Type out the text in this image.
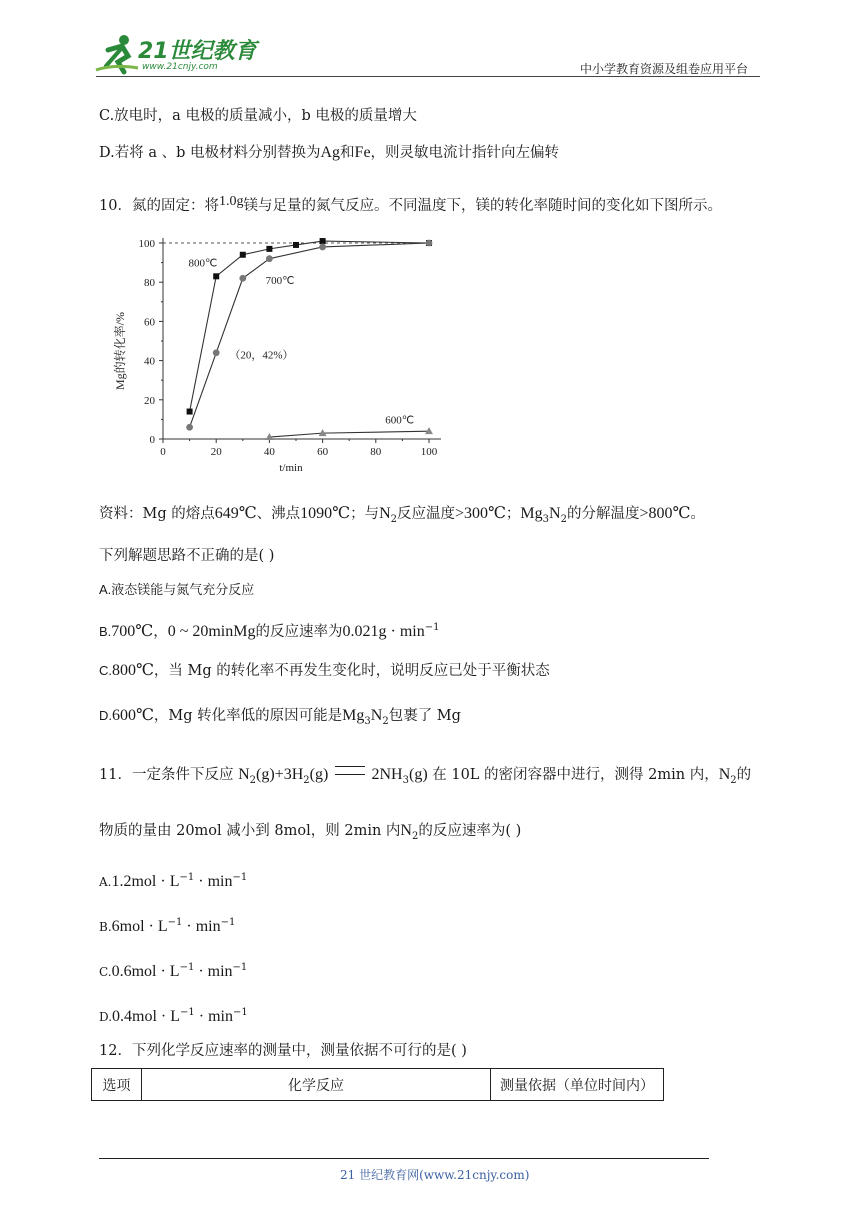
21世纪教育
www.21cnjy.com	中小学教育资源及组卷应用平台
C.放电时，a 电极的质量减小，b 电极的质量增大
D.若将 a 、b 电极材料分别替换为Ag和Fe，则灵敏电流计指针向左偏转
10．氮的固定：将1.0g镁与足量的氮气反应。不同温度下，镁的转化率随时间的变化如下图所示。
0	20	40	60	80	100
0
20
40
60
80
100
t/min
Mg的转化率/%
800℃
700℃
600℃
（20，42%）
资料：Mg 的熔点649℃、沸点1090℃；与$N_2$反应温度>300℃；$Mg_3N_2$的分解温度>800℃。
下列解题思路不正确的是( )
A.液态镁能与氮气充分反应
B.700℃，0 ~ 20minMg的反应速率为$0.021g \cdot \min^{-1}$
C.800℃，当 Mg 的转化率不再发生变化时，说明反应已处于平衡状态
D.600℃，Mg 转化率低的原因可能是$Mg_3N_2$包裹了 Mg
11．一定条件下反应 $N_2(g)+3H_2(g)$	$2NH_3(g)$ 在 10L 的密闭容器中进行，测得 2min 内，$N_2$的
物质的量由 20mol 减小到 8mol，则 2min 内$N_2$的反应速率为( )
$A.1.2mol \cdot L^{-1} \cdot \min^{-1}$
$B.6mol \cdot L^{-1} \cdot \min^{-1}$
$C.0.6mol \cdot L^{-1} \cdot \min^{-1}$
$D.0.4mol \cdot L^{-1} \cdot \min^{-1}$
12．下列化学反应速率的测量中，测量依据不可行的是( )
选项	化学反应	测量依据（单位时间内）
21 世纪教育网(www.21cnjy.com)
